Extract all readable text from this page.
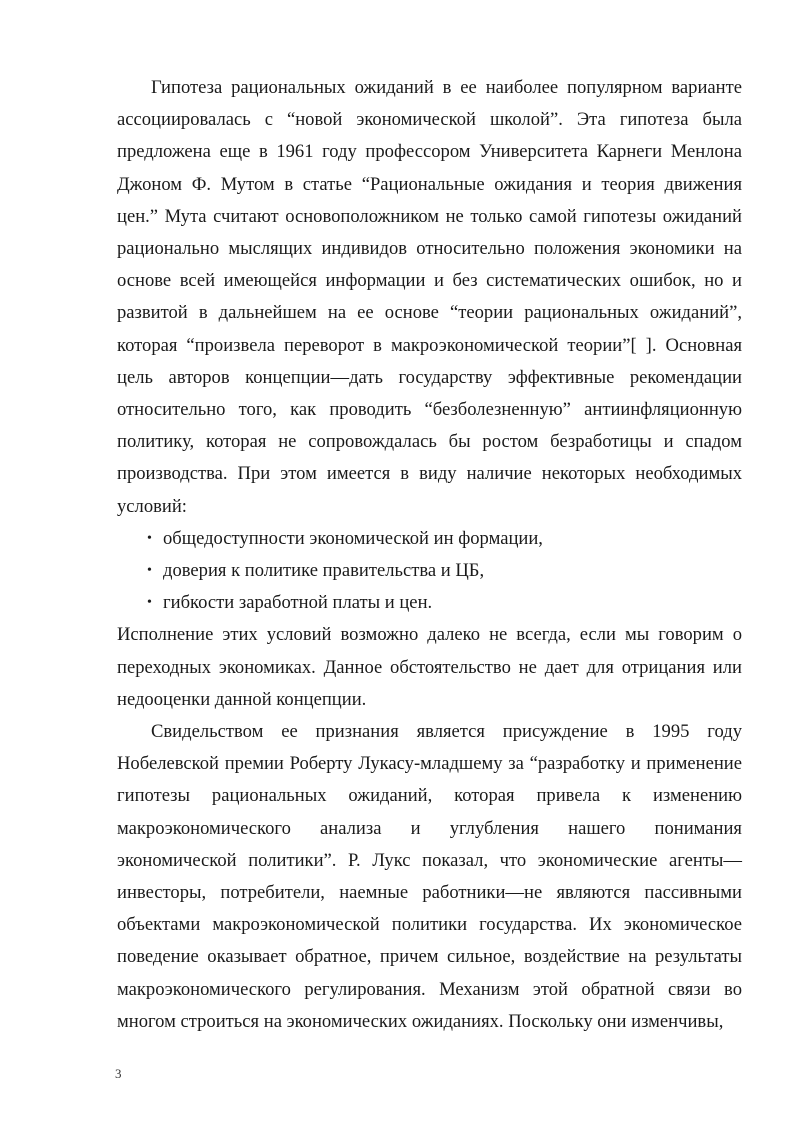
Гипотеза рациональных ожиданий в ее наиболее популярном варианте ассоциировалась с “новой экономической школой”. Эта гипотеза была предложена еще в 1961 году профессором Университета Карнеги Менлона Джоном Ф. Мутом в статье “Рациональные ожидания и теория движения цен.” Мута считают основоположником не только самой гипотезы ожиданий рационально мыслящих индивидов относительно положения экономики на основе всей имеющейся информации и без систематических ошибок, но и развитой в дальнейшем на ее основе “теории рациональных ожиданий”, которая “произвела переворот в макроэкономической теории”[ ]. Основная цель авторов концепции—дать государству эффективные рекомендации относительно того, как проводить “безболезненную” антиинфляционную политику, которая не сопровождалась бы ростом безработицы и спадом производства. При этом имеется в виду наличие некоторых необходимых условий:

• общедоступности экономической ин формации,
• доверия к политике правительства и ЦБ,
• гибкости заработной платы и цен.

Исполнение этих условий возможно далеко не всегда, если мы говорим о переходных экономиках. Данное обстоятельство не дает для отрицания или недооценки данной концепции.

Свидельством ее признания является присуждение в 1995 году Нобелевской премии Роберту Лукасу-младшему за “разработку и применение гипотезы рациональных ожиданий, которая привела к изменению макроэкономического анализа и углубления нашего понимания экономической политики”. Р. Лукс показал, что экономические агенты—инвесторы, потребители, наемные работники—не являются пассивными объектами макроэкономической политики государства. Их экономическое поведение оказывает обратное, причем сильное, воздействие на результаты макроэкономического регулирования. Механизм этой обратной связи во многом строиться на экономических ожиданиях. Поскольку они изменчивы,

3
